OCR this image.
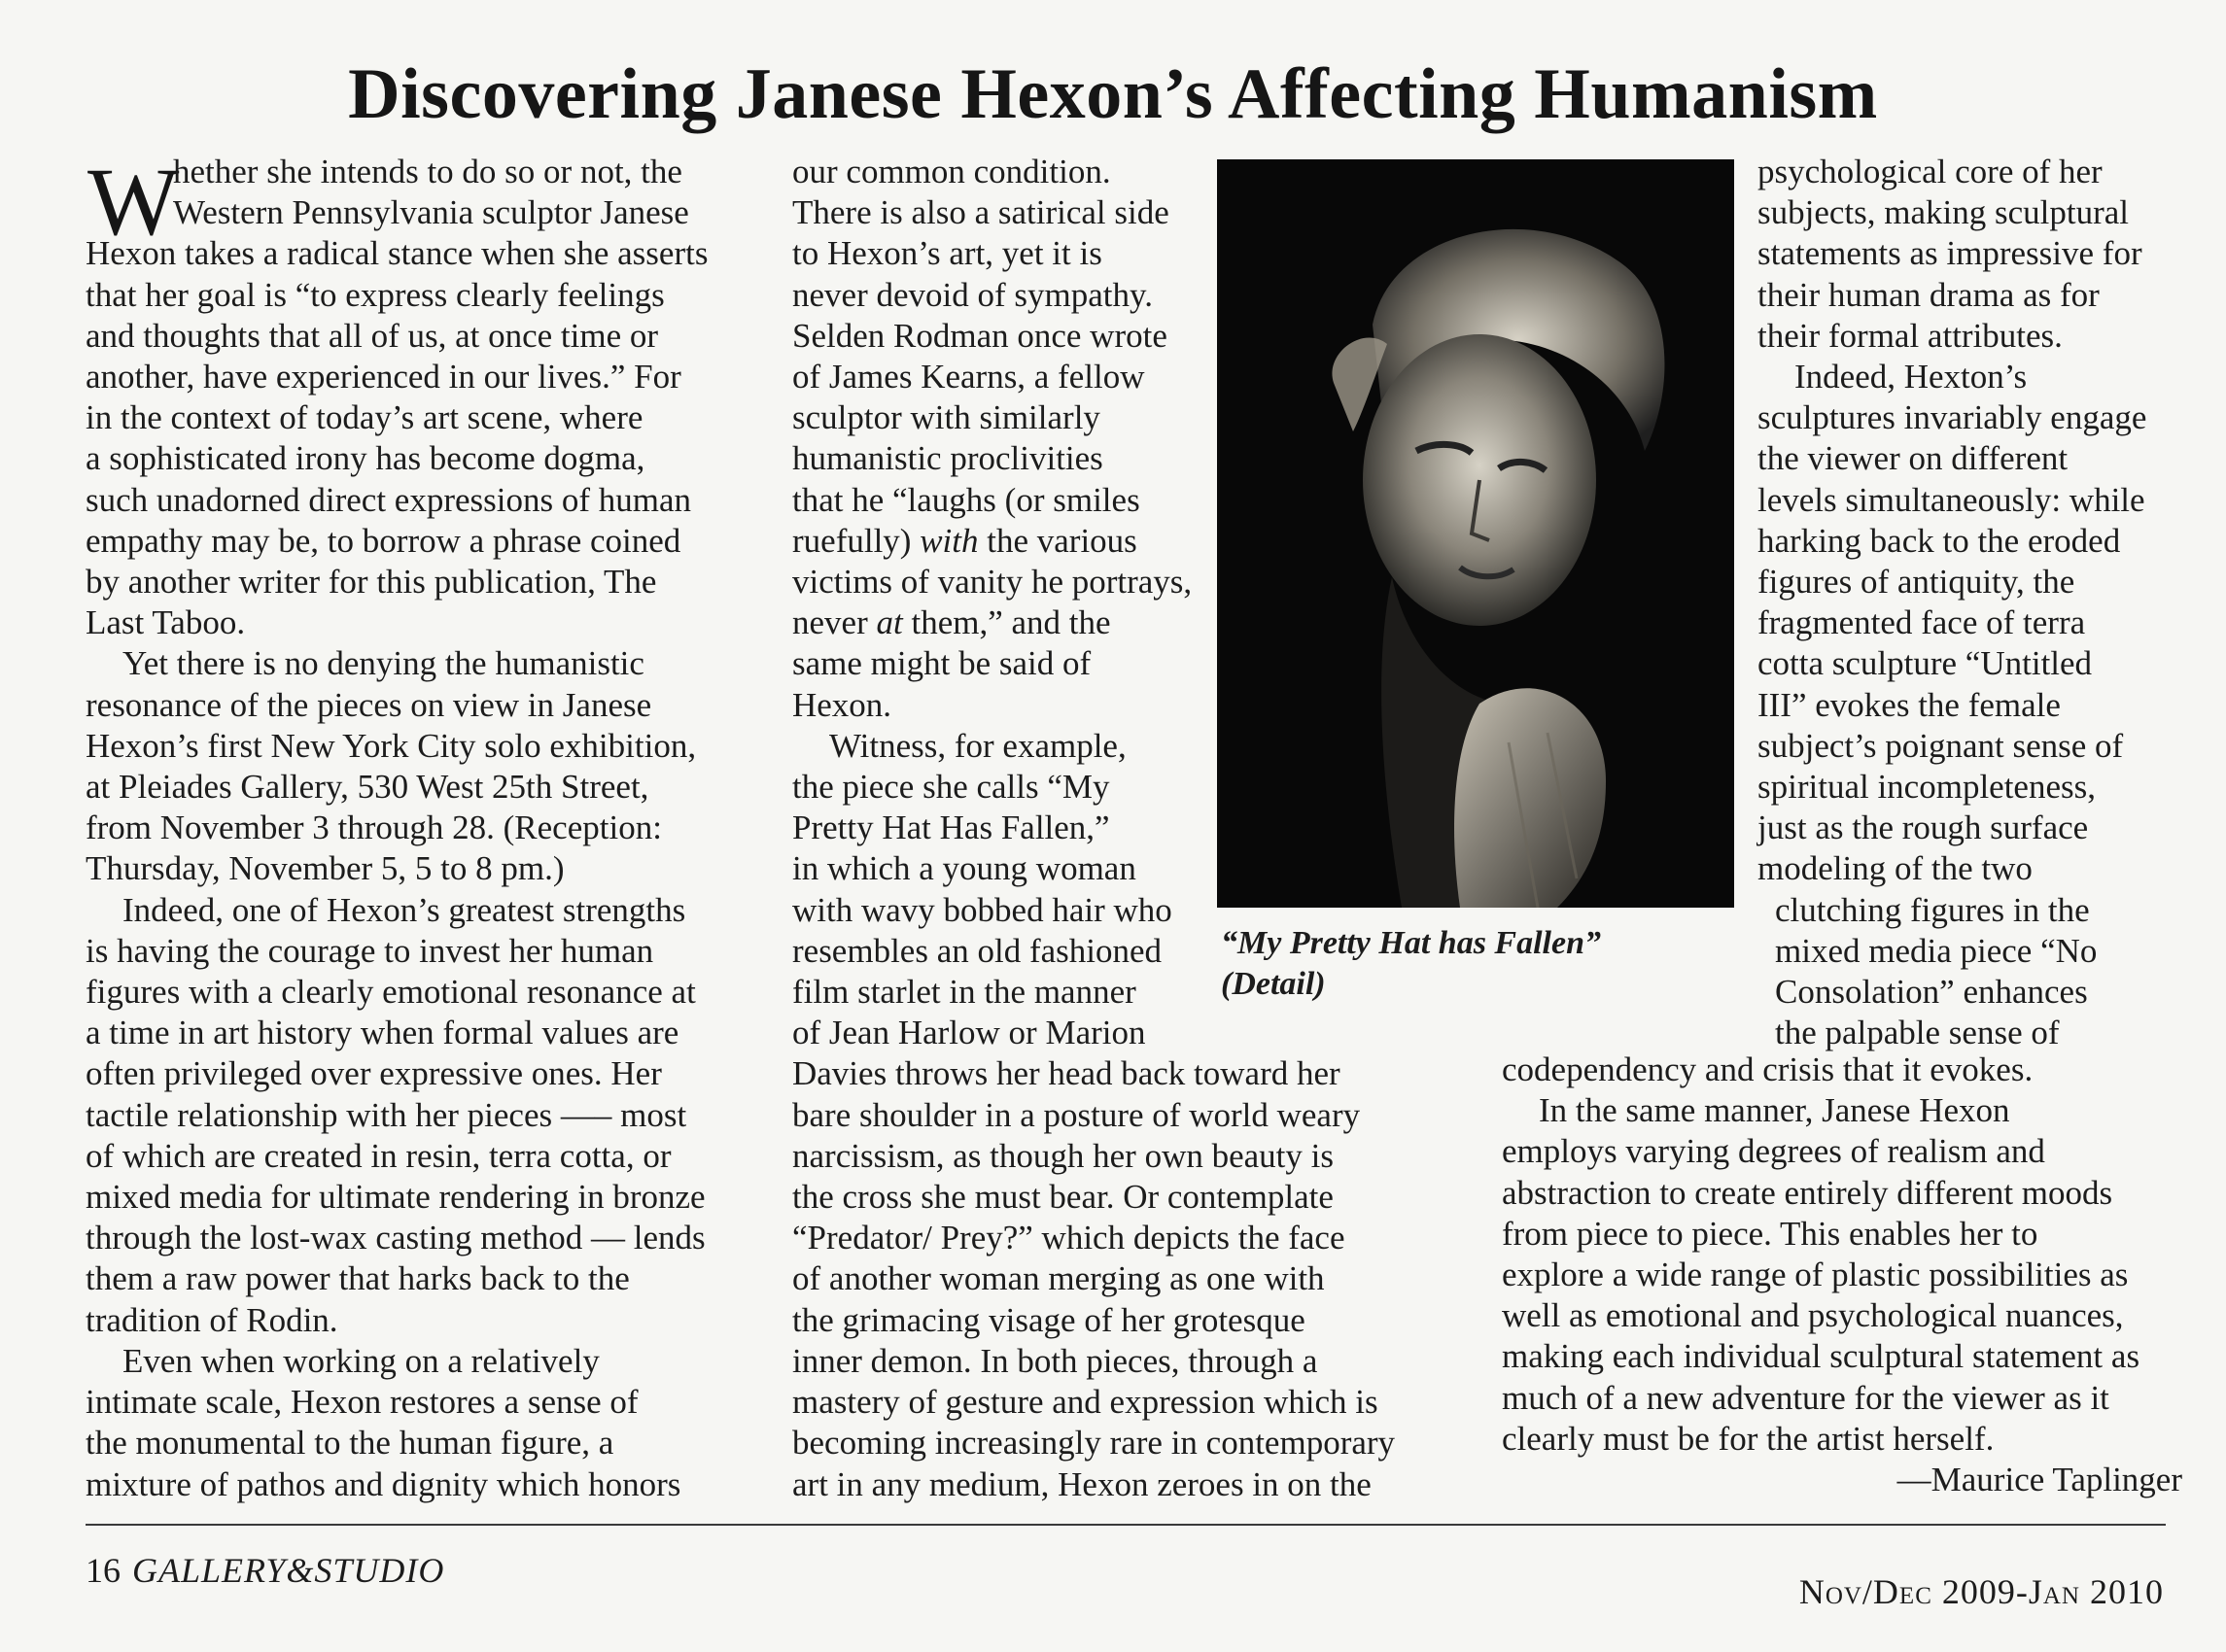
Discovering Janese Hexon’s Affecting Humanism
W
hether she intends to do so or not, the
Western Pennsylvania sculptor Janese
Hexon takes a radical stance when she asserts
that her goal is “to express clearly feelings
and thoughts that all of us, at once time or
another, have experienced in our lives.” For
in the context of today’s art scene, where
a sophisticated irony has become dogma,
such unadorned direct expressions of human
empathy may be, to borrow a phrase coined
by another writer for this publication, The
Last Taboo.
Yet there is no denying the humanistic
resonance of the pieces on view in Janese
Hexon’s first New York City solo exhibition,
at Pleiades Gallery, 530 West 25th Street,
from November 3 through 28. (Reception:
Thursday, November 5, 5 to 8 pm.)
Indeed, one of Hexon’s greatest strengths
is having the courage to invest her human
figures with a clearly emotional resonance at
a time in art history when formal values are
often privileged over expressive ones. Her
tactile relationship with her pieces —– most
of which are created in resin, terra cotta, or
mixed media for ultimate rendering in bronze
through the lost-wax casting method — lends
them a raw power that harks back to the
tradition of Rodin.
Even when working on a relatively
intimate scale, Hexon restores a sense of
the monumental to the human figure, a
mixture of pathos and dignity which honors
our common condition.
There is also a satirical side
to Hexon’s art, yet it is
never devoid of sympathy.
Selden Rodman once wrote
of James Kearns, a fellow
sculptor with similarly
humanistic proclivities
that he “laughs (or smiles
ruefully) with the various
victims of vanity he portrays,
never at them,” and the
same might be said of
Hexon.
Witness, for example,
the piece she calls “My
Pretty Hat Has Fallen,”
in which a young woman
with wavy bobbed hair who
resembles an old fashioned
film starlet in the manner
of Jean Harlow or Marion
Davies throws her head back toward her
bare shoulder in a posture of world weary
narcissism, as though her own beauty is
the cross she must bear. Or contemplate
“Predator/ Prey?” which depicts the face
of another woman merging as one with
the grimacing visage of her grotesque
inner demon. In both pieces, through a
mastery of gesture and expression which is
becoming increasingly rare in contemporary
art in any medium, Hexon zeroes in on the
“My Pretty Hat has Fallen”
(Detail)
psychological core of her
subjects, making sculptural
statements as impressive for
their human drama as for
their formal attributes.
Indeed, Hexton’s
sculptures invariably engage
the viewer on different
levels simultaneously: while
harking back to the eroded
figures of antiquity, the
fragmented face of terra
cotta sculpture “Untitled
III” evokes the female
subject’s poignant sense of
spiritual incompleteness,
just as the rough surface
modeling of the two
clutching figures in the
mixed media piece “No
Consolation” enhances
the palpable sense of
codependency and crisis that it evokes.
In the same manner, Janese Hexon
employs varying degrees of realism and
abstraction to create entirely different moods
from piece to piece. This enables her to
explore a wide range of plastic possibilities as
well as emotional and psychological nuances,
making each individual sculptural statement as
much of a new adventure for the viewer as it
clearly must be for the artist herself.
—Maurice Taplinger
16 GALLERY&STUDIO
Nov/Dec 2009-Jan 2010
